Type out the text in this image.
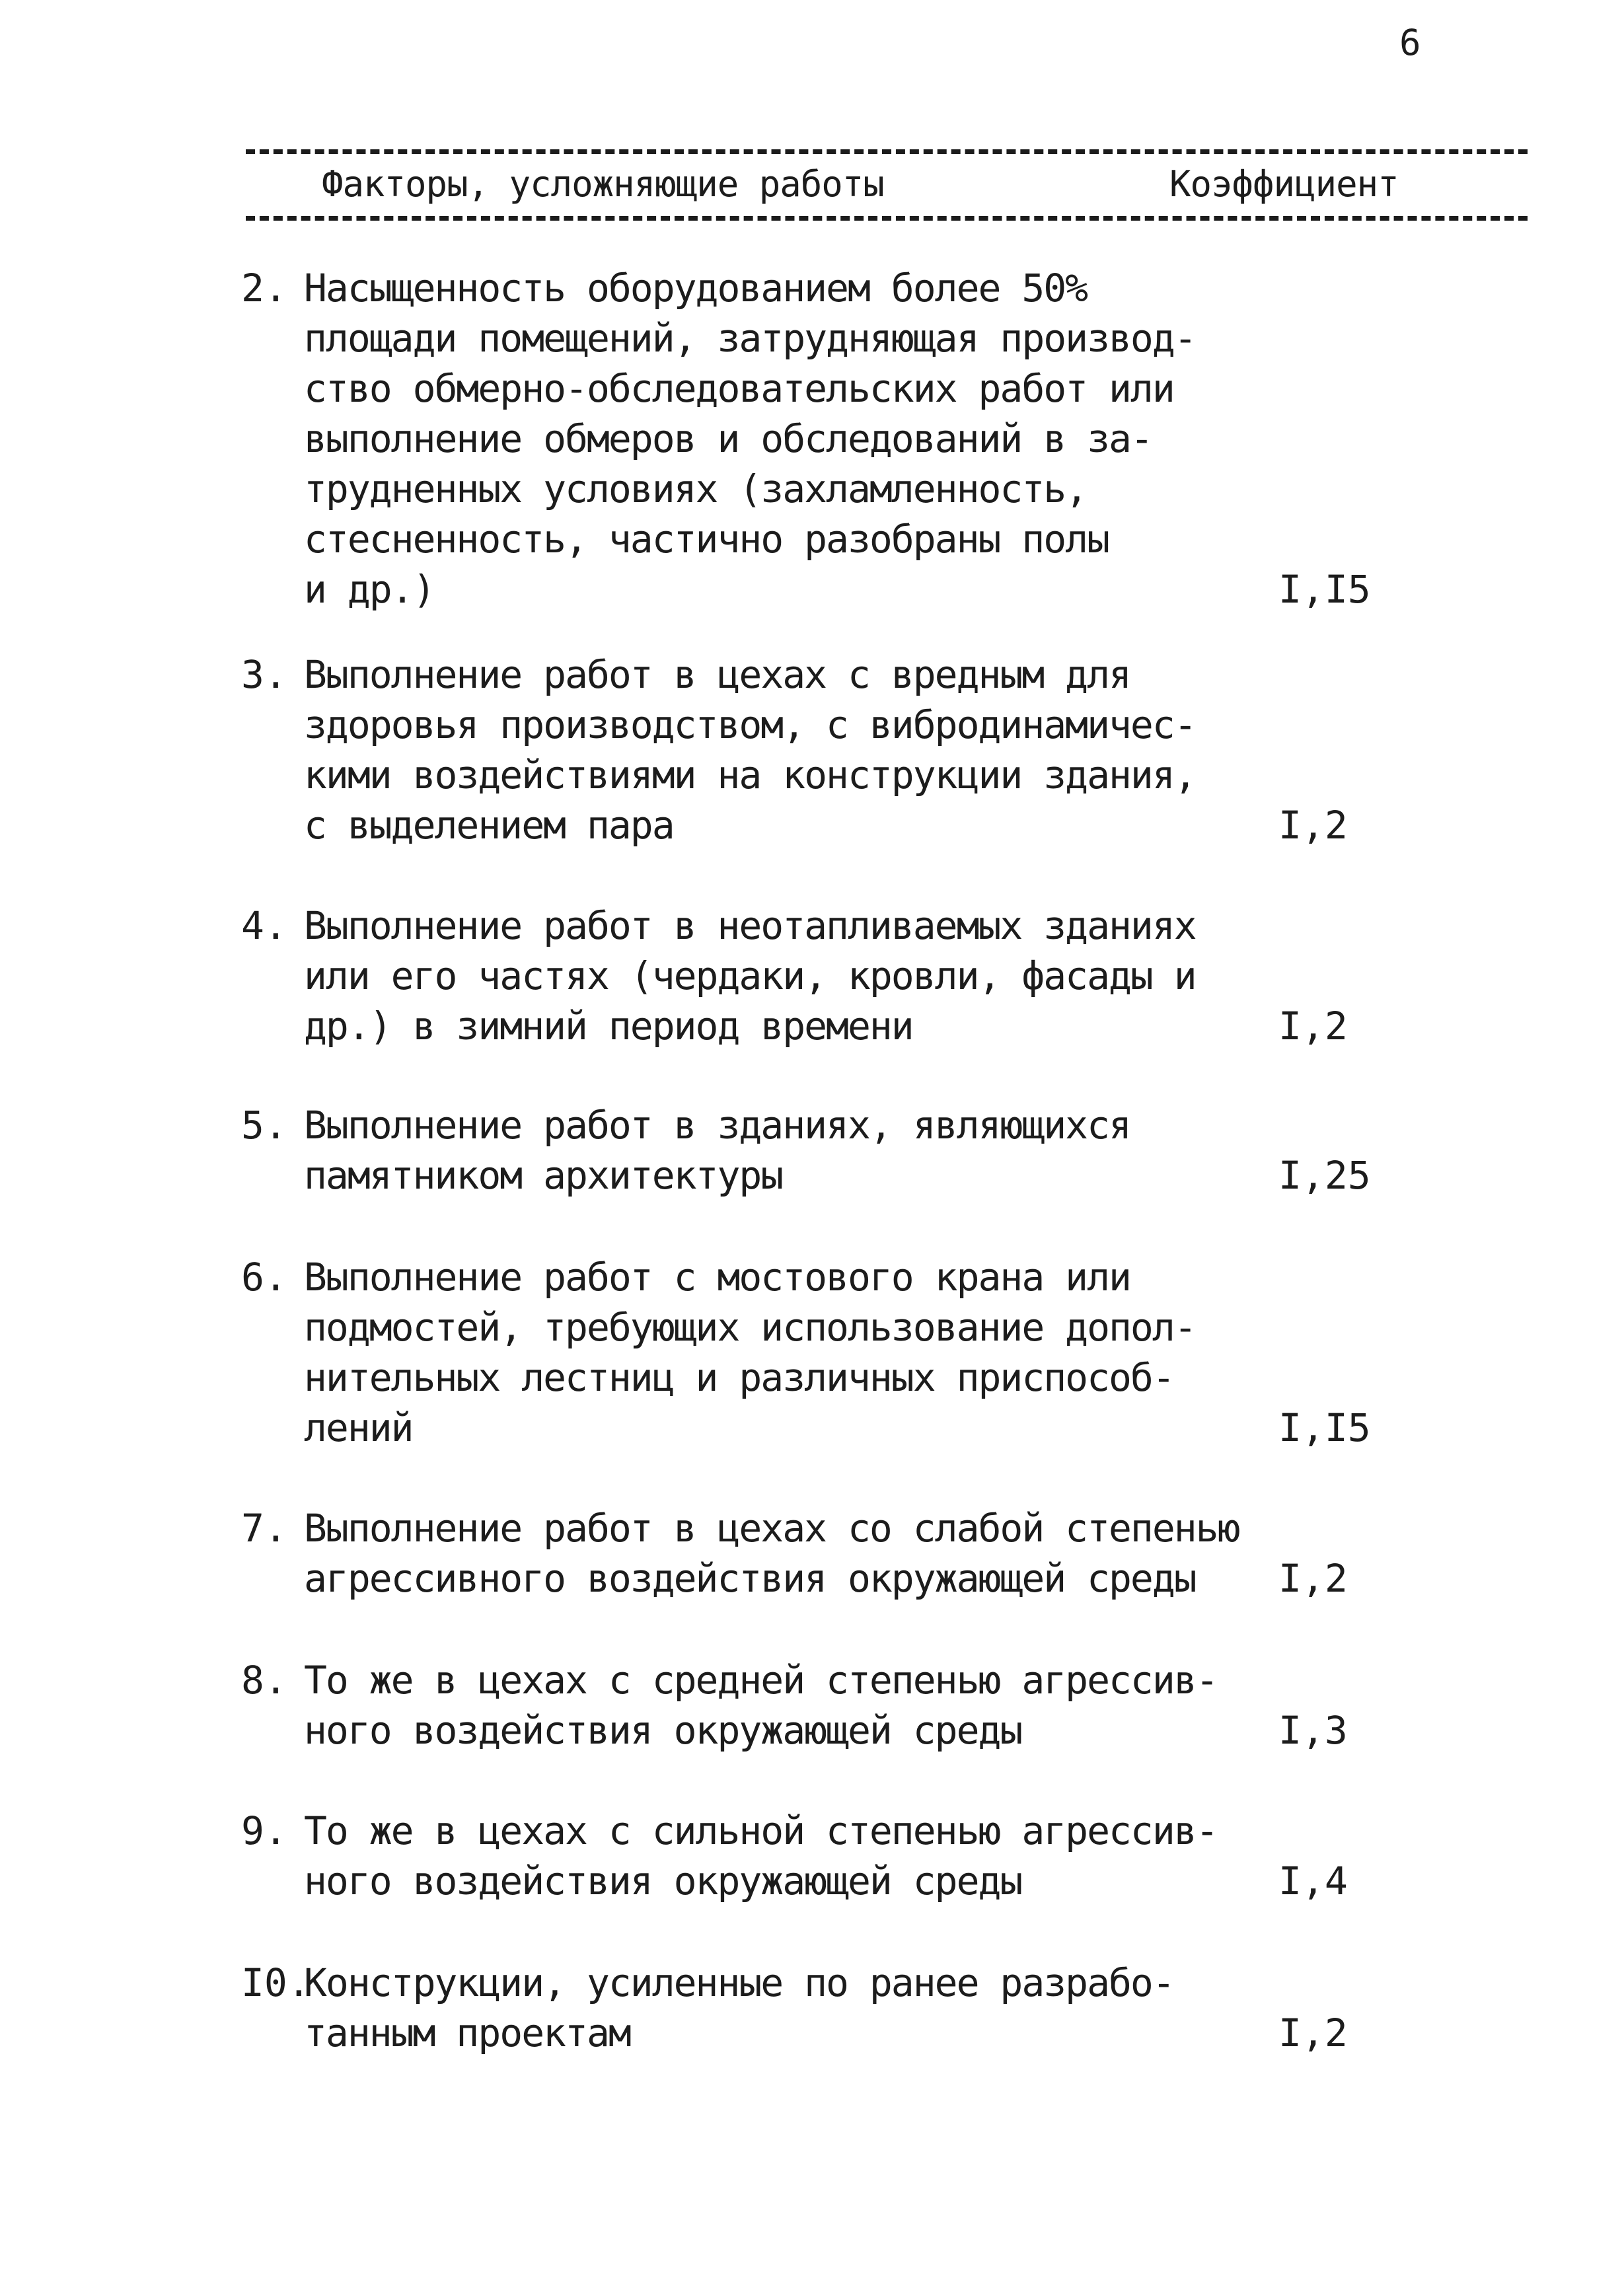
6
Факторы, усложняющие работы	Коэффициент
2. Насыщенность оборудованием более 50%
площади помещений, затрудняющая производ-
ство обмерно-обследовательских работ или
выполнение обмеров и обследований в за-
трудненных условиях (захламленность,
стесненность, частично разобраны полы
и др.)	I,I5
3. Выполнение работ в цехах с вредным для
здоровья производством, с вибродинамичес-
кими воздействиями на конструкции здания,
с выделением пара	I,2
4. Выполнение работ в неотапливаемых зданиях
или его частях (чердаки, кровли, фасады и
др.) в зимний период времени	I,2
5. Выполнение работ в зданиях, являющихся
памятником архитектуры	I,25
6. Выполнение работ с мостового крана или
подмостей, требующих использование допол-
нительных лестниц и различных приспособ-
лений	I,I5
7. Выполнение работ в цехах со слабой степенью
агрессивного воздействия окружающей среды	I,2
8. То же в цехах с средней степенью агрессив-
ного воздействия окружающей среды	I,3
9. То же в цехах с сильной степенью агрессив-
ного воздействия окружающей среды	I,4
I0.
Конструкции, усиленные по ранее разрабо-
танным проектам	I,2
